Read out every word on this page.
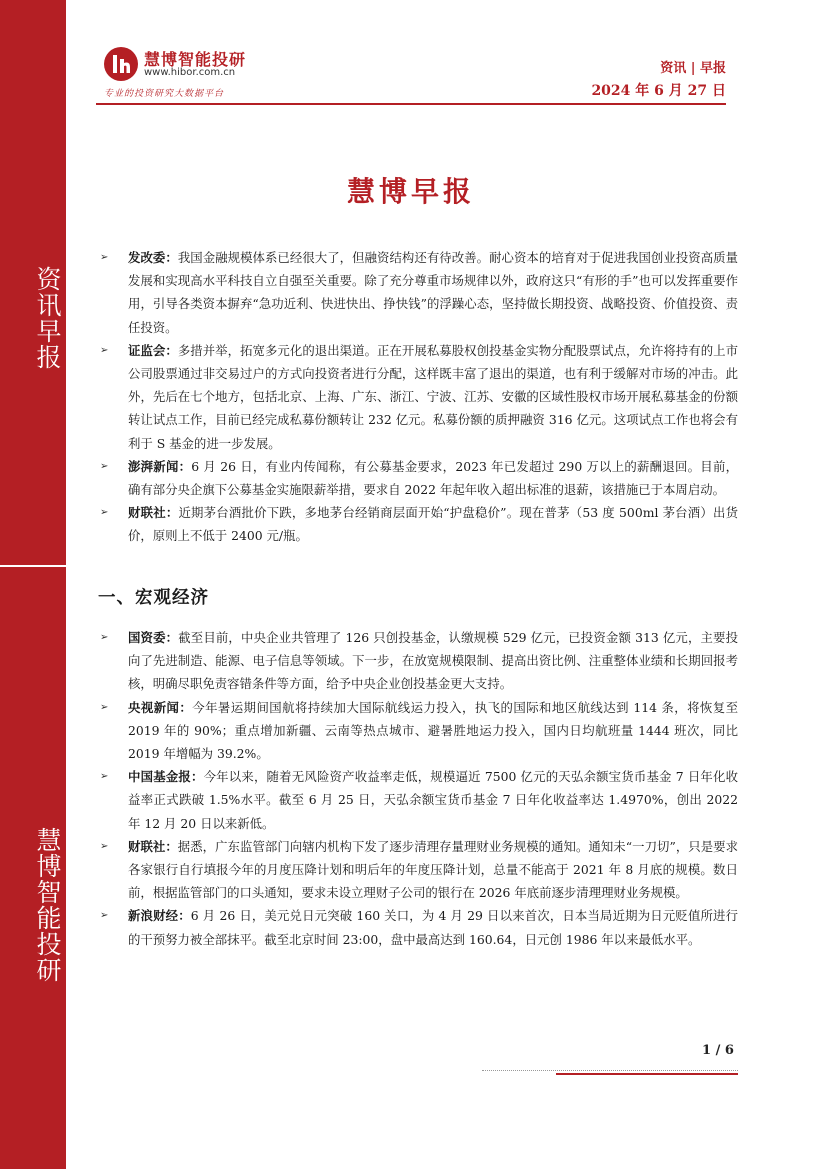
资讯早报
慧博智能投研
慧博智能投研
www.hibor.com.cn
专业的投资研究大数据平台
资讯 | 早报
2024 年 6 月 27 日
慧博早报
➢ 发改委：我国金融规模体系已经很大了，但融资结构还有待改善。耐心资本的培育对于促进我国创业投资高质量发展和实现高水平科技自立自强至关重要。除了充分尊重市场规律以外，政府这只“有形的手”也可以发挥重要作用，引导各类资本摒弃“急功近利、快进快出、挣快钱”的浮躁心态，坚持做长期投资、战略投资、价值投资、责任投资。
➢ 证监会：多措并举，拓宽多元化的退出渠道。正在开展私募股权创投基金实物分配股票试点，允许将持有的上市公司股票通过非交易过户的方式向投资者进行分配，这样既丰富了退出的渠道，也有利于缓解对市场的冲击。此外，先后在七个地方，包括北京、上海、广东、浙江、宁波、江苏、安徽的区域性股权市场开展私募基金的份额转让试点工作，目前已经完成私募份额转让 232 亿元。私募份额的质押融资 316 亿元。这项试点工作也将会有利于 S 基金的进一步发展。
➢ 澎湃新闻：6 月 26 日，有业内传闻称，有公募基金要求，2023 年已发超过 290 万以上的薪酬退回。目前，确有部分央企旗下公募基金实施限薪举措，要求自 2022 年起年收入超出标准的退薪，该措施已于本周启动。
➢ 财联社：近期茅台酒批价下跌，多地茅台经销商层面开始“护盘稳价”。现在普茅（53 度 500ml 茅台酒）出货价，原则上不低于 2400 元/瓶。
一、宏观经济
➢ 国资委：截至目前，中央企业共管理了 126 只创投基金，认缴规模 529 亿元，已投资金额 313 亿元，主要投向了先进制造、能源、电子信息等领域。下一步，在放宽规模限制、提高出资比例、注重整体业绩和长期回报考核，明确尽职免责容错条件等方面，给予中央企业创投基金更大支持。
➢ 央视新闻：今年暑运期间国航将持续加大国际航线运力投入，执飞的国际和地区航线达到 114 条，将恢复至 2019 年的 90%；重点增加新疆、云南等热点城市、避暑胜地运力投入，国内日均航班量 1444 班次，同比 2019 年增幅为 39.2%。
➢ 中国基金报：今年以来，随着无风险资产收益率走低，规模逼近 7500 亿元的天弘余额宝货币基金 7 日年化收益率正式跌破 1.5%水平。截至 6 月 25 日，天弘余额宝货币基金 7 日年化收益率达 1.4970%，创出 2022 年 12 月 20 日以来新低。
➢ 财联社：据悉，广东监管部门向辖内机构下发了逐步清理存量理财业务规模的通知。通知未“一刀切”，只是要求各家银行自行填报今年的月度压降计划和明后年的年度压降计划，总量不能高于 2021 年 8 月底的规模。数日前，根据监管部门的口头通知，要求未设立理财子公司的银行在 2026 年底前逐步清理理财业务规模。
➢ 新浪财经：6 月 26 日，美元兑日元突破 160 关口，为 4 月 29 日以来首次，日本当局近期为日元贬值所进行的干预努力被全部抹平。截至北京时间 23:00，盘中最高达到 160.64，日元创 1986 年以来最低水平。
1 / 6
